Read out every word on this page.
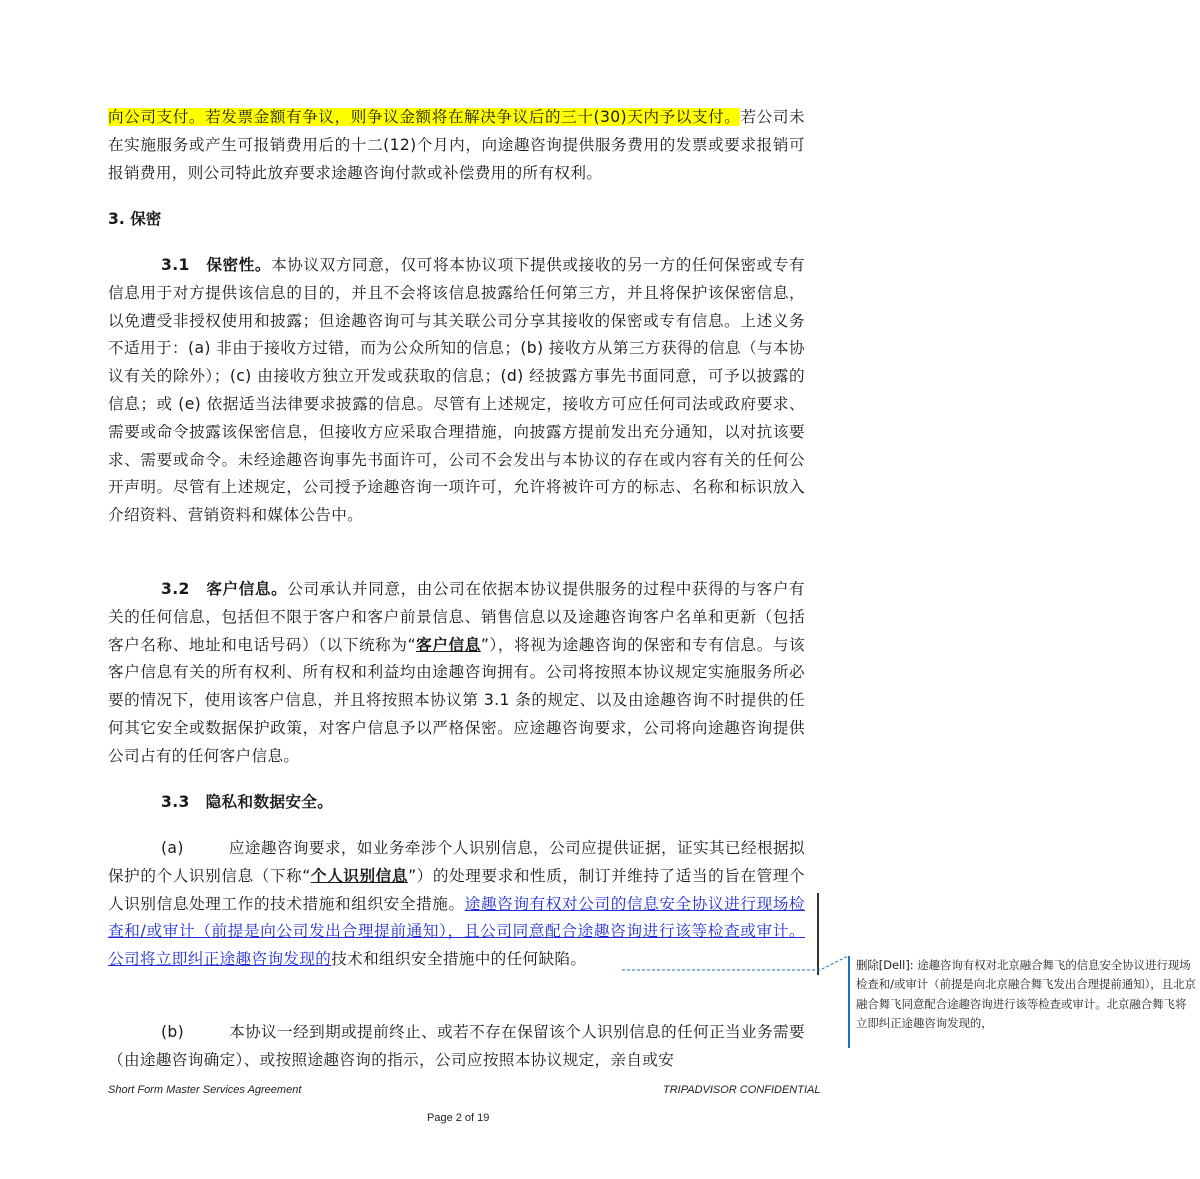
向公司支付。若发票金额有争议，则争议金额将在解决争议后的三十(30)天内予以支付。若公司未在实施服务或产生可报销费用后的十二(12)个月内，向途趣咨询提供服务费用的发票或要求报销可报销费用，则公司特此放弃要求途趣咨询付款或补偿费用的所有权利。
3. 保密
3.1 保密性。本协议双方同意，仅可将本协议项下提供或接收的另一方的任何保密或专有信息用于对方提供该信息的目的，并且不会将该信息披露给任何第三方，并且将保护该保密信息，以免遭受非授权使用和披露；但途趣咨询可与其关联公司分享其接收的保密或专有信息。上述义务不适用于：(a) 非由于接收方过错，而为公众所知的信息；(b) 接收方从第三方获得的信息（与本协议有关的除外）；(c) 由接收方独立开发或获取的信息；(d) 经披露方事先书面同意，可予以披露的信息；或 (e) 依据适当法律要求披露的信息。尽管有上述规定，接收方可应任何司法或政府要求、需要或命令披露该保密信息，但接收方应采取合理措施，向披露方提前发出充分通知，以对抗该要求、需要或命令。未经途趣咨询事先书面许可，公司不会发出与本协议的存在或内容有关的任何公开声明。尽管有上述规定，公司授予途趣咨询一项许可，允许将被许可方的标志、名称和标识放入介绍资料、营销资料和媒体公告中。
3.2 客户信息。公司承认并同意，由公司在依据本协议提供服务的过程中获得的与客户有关的任何信息，包括但不限于客户和客户前景信息、销售信息以及途趣咨询客户名单和更新（包括客户名称、地址和电话号码）（以下统称为“客户信息”），将视为途趣咨询的保密和专有信息。与该客户信息有关的所有权利、所有权和利益均由途趣咨询拥有。公司将按照本协议规定实施服务所必要的情况下，使用该客户信息，并且将按照本协议第 3.1 条的规定、以及由途趣咨询不时提供的任何其它安全或数据保护政策，对客户信息予以严格保密。应途趣咨询要求，公司将向途趣咨询提供公司占有的任何客户信息。
3.3 隐私和数据安全。
(a)	应途趣咨询要求，如业务牵涉个人识别信息，公司应提供证据，证实其已经根据拟保护的个人识别信息（下称“个人识别信息”）的处理要求和性质，制订并维持了适当的旨在管理个人识别信息处理工作的技术措施和组织安全措施。途趣咨询有权对公司的信息安全协议进行现场检查和/或审计（前提是向公司发出合理提前通知），且公司同意配合途趣咨询进行该等检查或审计。公司将立即纠正途趣咨询发现的技术和组织安全措施中的任何缺陷。
(b)	本协议一经到期或提前终止、或若不存在保留该个人识别信息的任何正当业务需要（由途趣咨询确定）、或按照途趣咨询的指示，公司应按照本协议规定，亲自或安
删除[Dell]: 途趣咨询有权对北京融合舞飞的信息安全协议进行现场检查和/或审计（前提是向北京融合舞飞发出合理提前通知），且北京融合舞飞同意配合途趣咨询进行该等检查或审计。北京融合舞飞将立即纠正途趣咨询发现的，
Short Form Master Services Agreement	TRIPADVISOR CONFIDENTIAL
Page 2 of 19
